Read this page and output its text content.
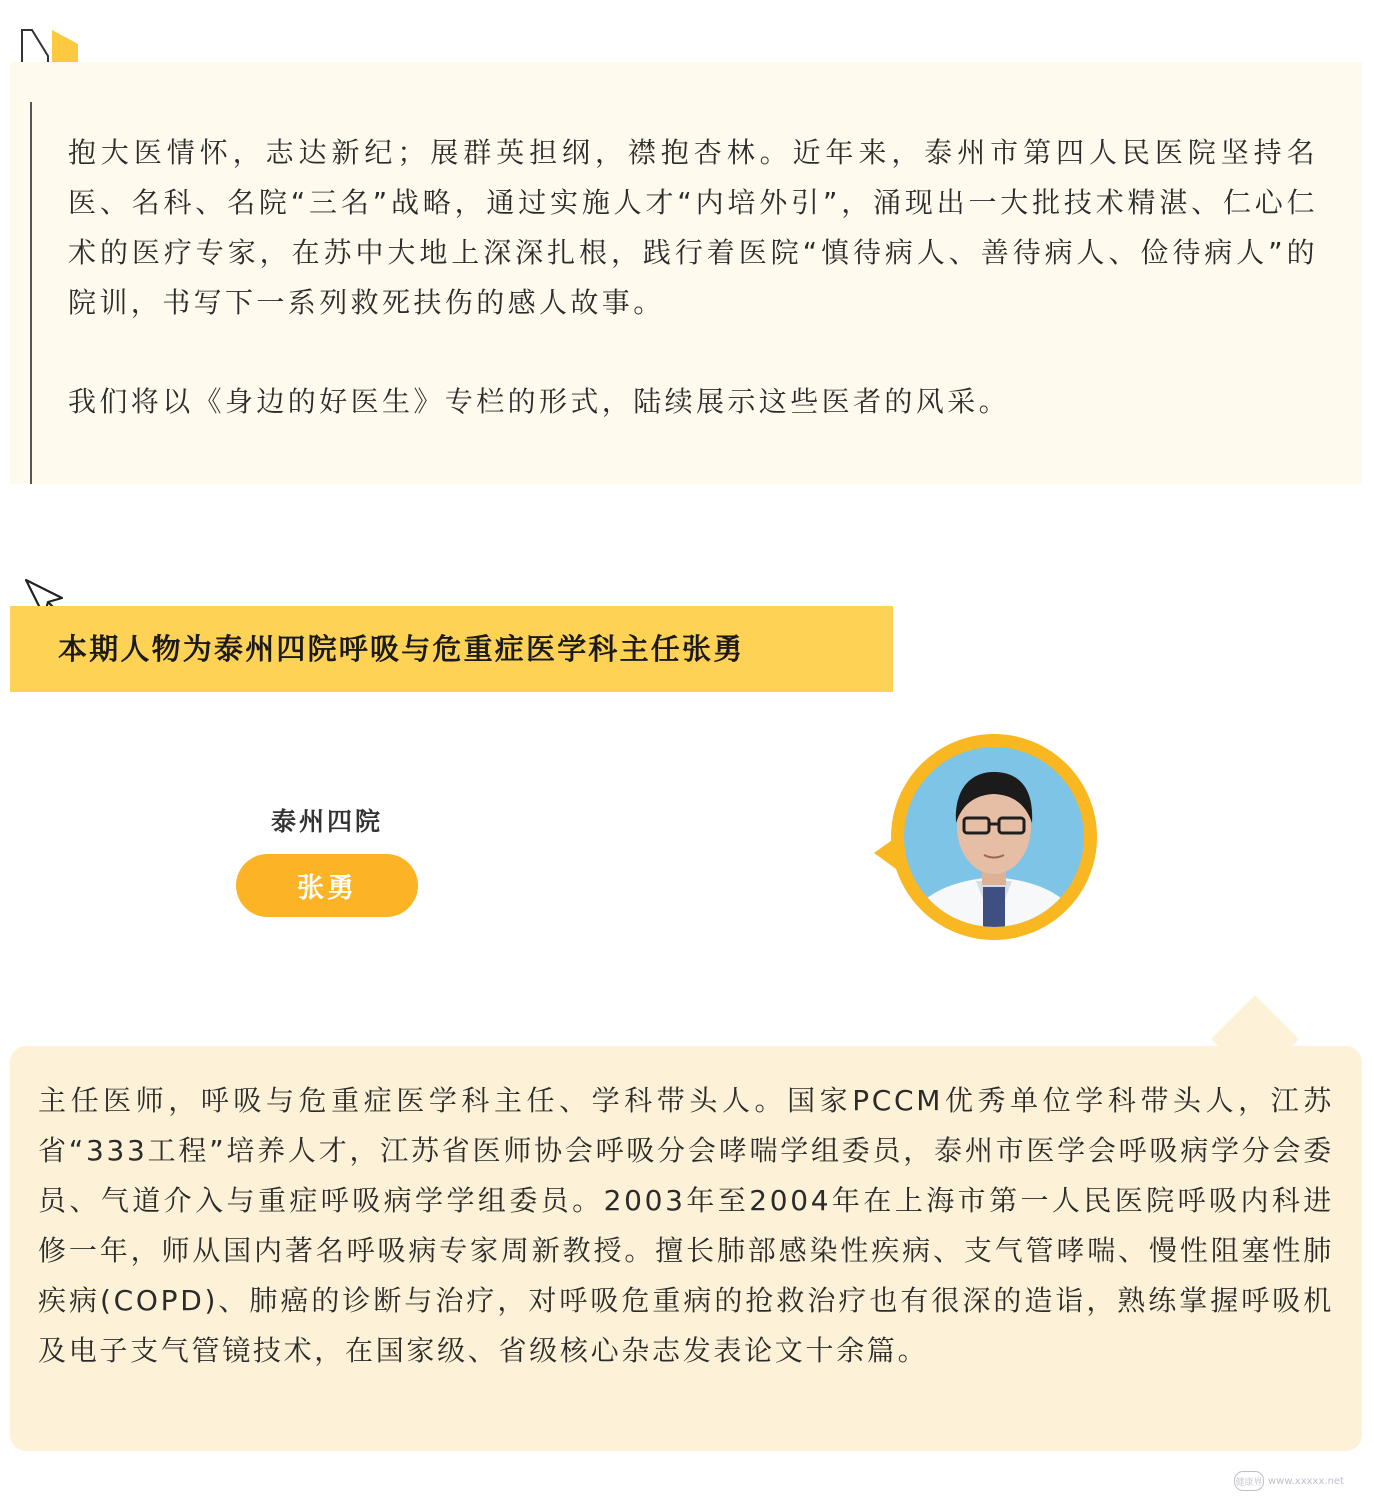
抱大医情怀，志达新纪；展群英担纲，襟抱杏林。近年来，泰州市第四人民医院坚持名医、名科、名院“三名”战略，通过实施人才“内培外引”，涌现出一大批技术精湛、仁心仁术的医疗专家，在苏中大地上深深扎根，践行着医院“慎待病人、善待病人、俭待病人”的院训，书写下一系列救死扶伤的感人故事。

我们将以《身边的好医生》专栏的形式，陆续展示这些医者的风采。

本期人物为泰州四院呼吸与危重症医学科主任张勇
泰州四院
张勇

主任医师，呼吸与危重症医学科主任、学科带头人。国家PCCM优秀单位学科带头人，江苏省“333工程”培养人才，江苏省医师协会呼吸分会哮喘学组委员，泰州市医学会呼吸病学分会委员、气道介入与重症呼吸病学学组委员。2003年至2004年在上海市第一人民医院呼吸内科进修一年，师从国内著名呼吸病专家周新教授。擅长肺部感染性疾病、支气管哮喘、慢性阻塞性肺疾病(COPD)、肺癌的诊断与治疗，对呼吸危重病的抢救治疗也有很深的造诣，熟练掌握呼吸机及电子支气管镜技术，在国家级、省级核心杂志发表论文十余篇。

健康界 www.xxxxx.net
